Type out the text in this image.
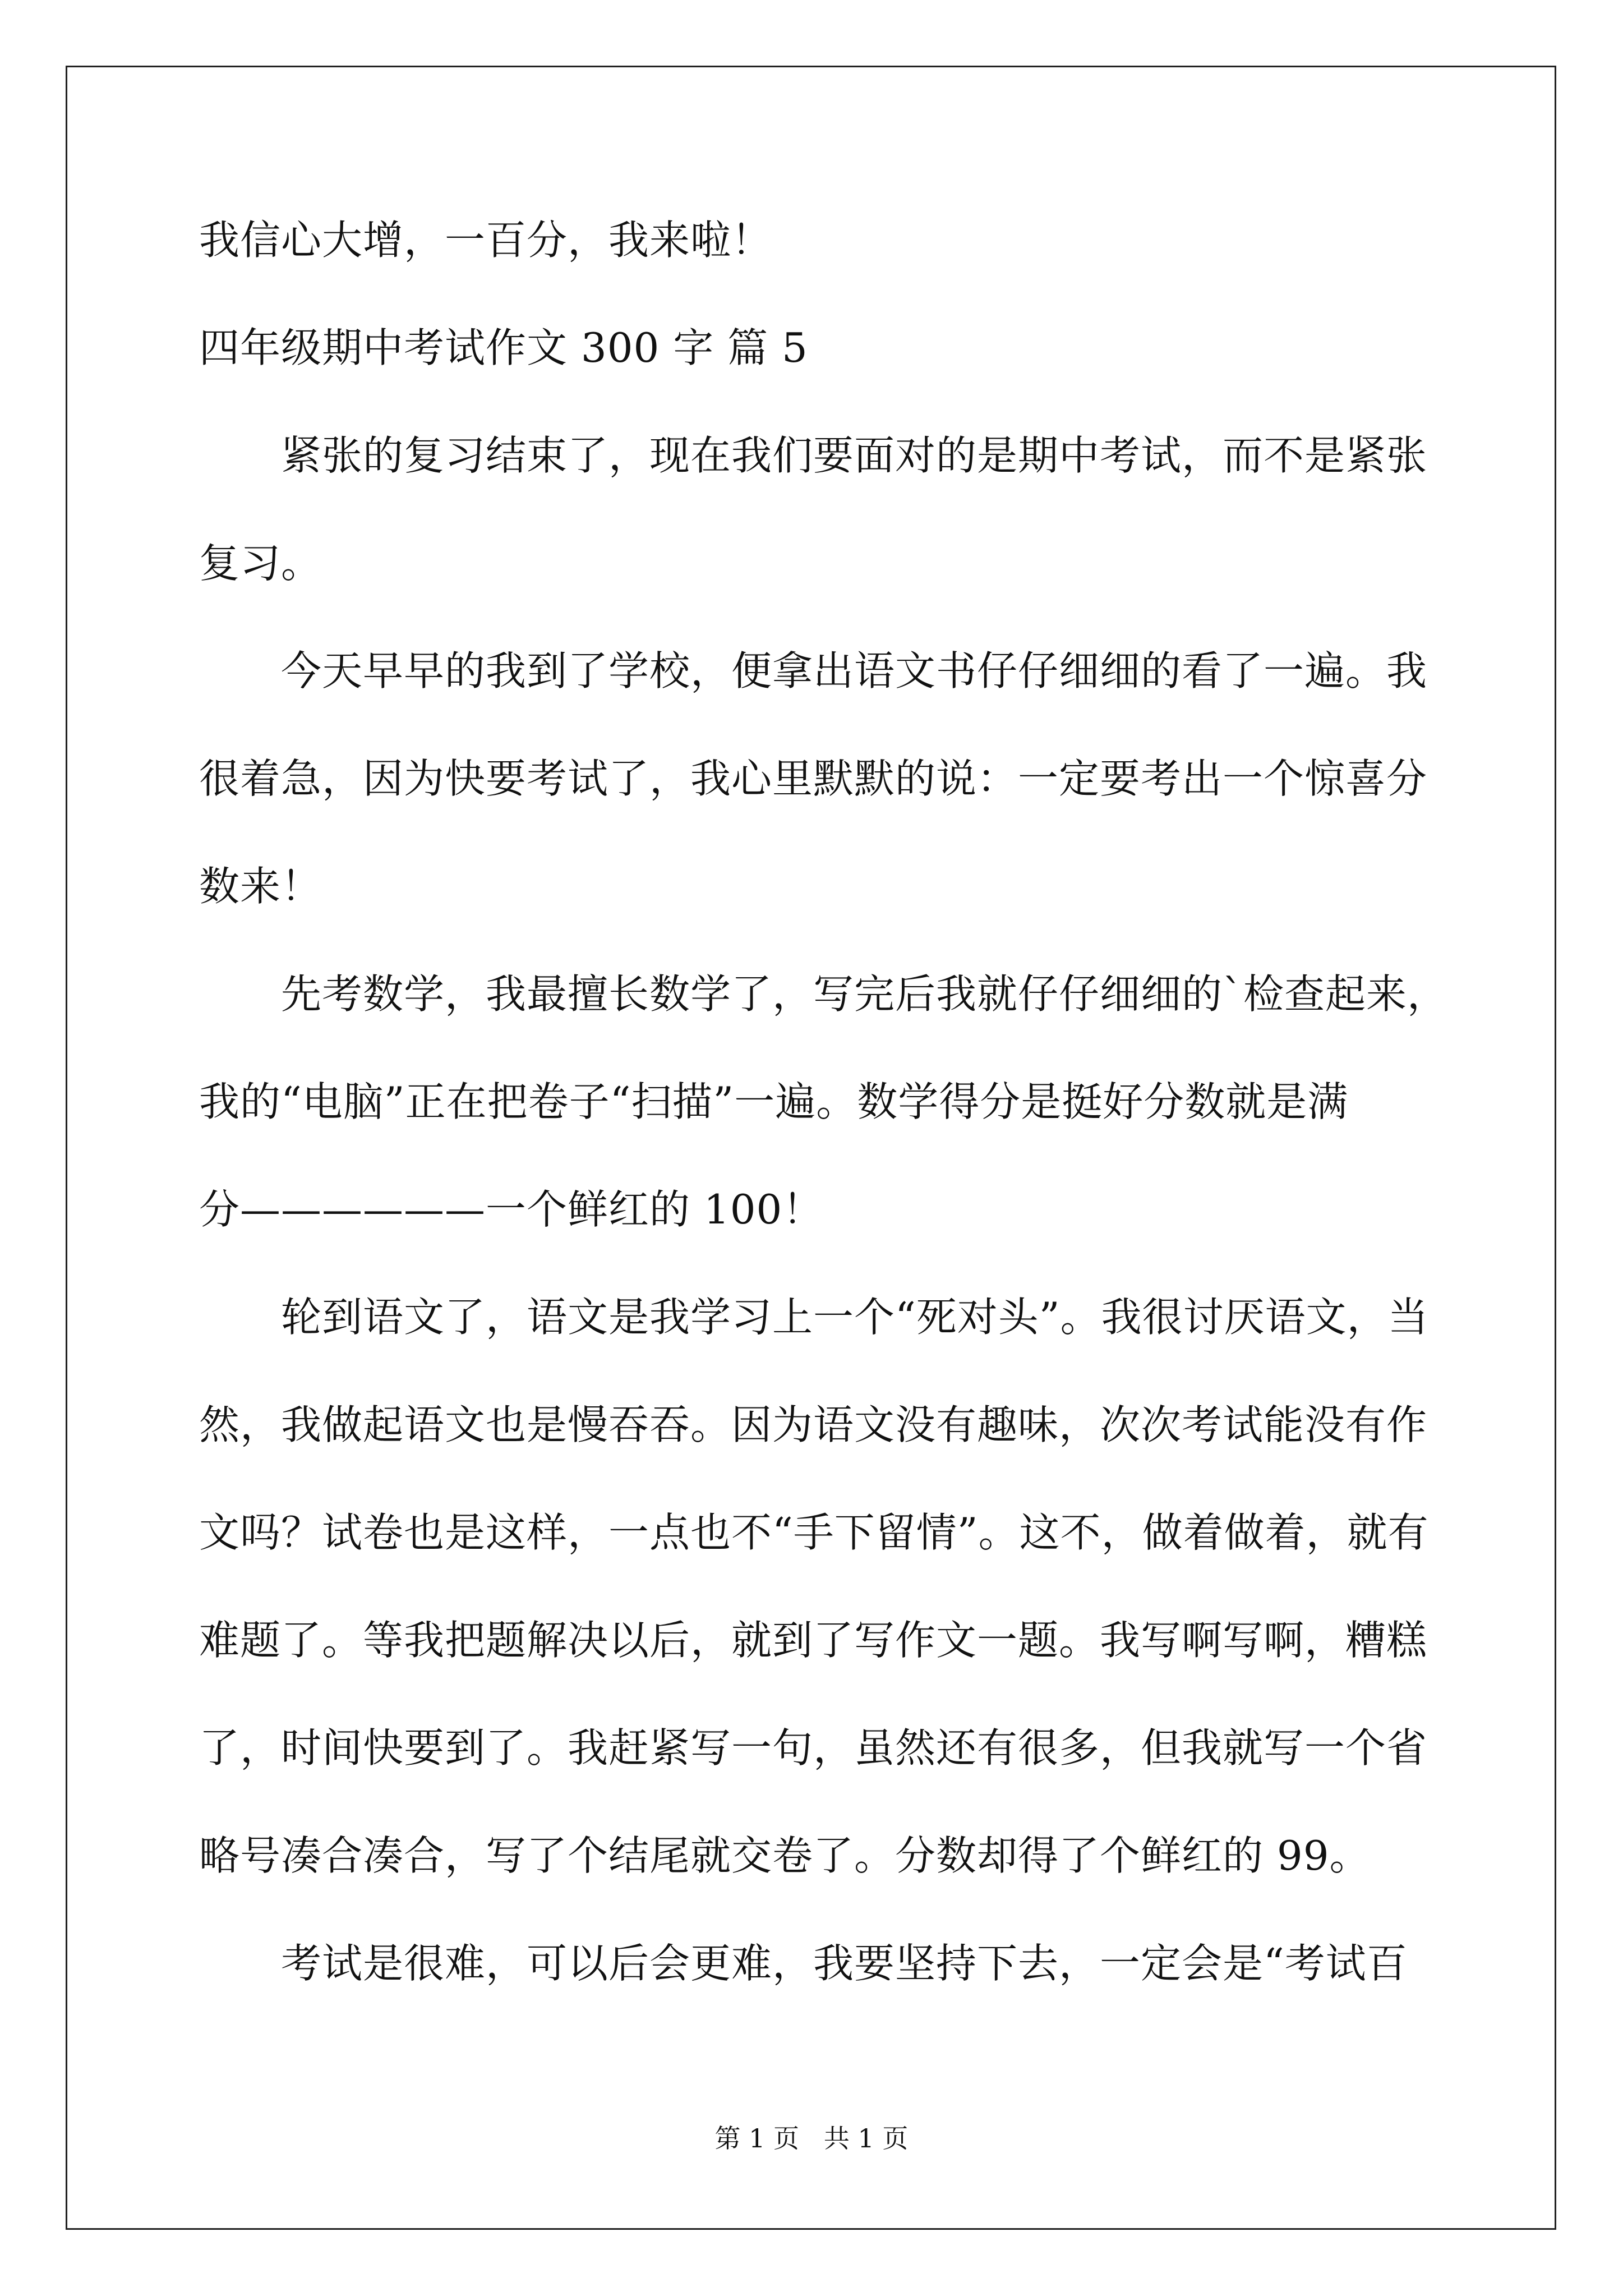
我信心大增，一百分，我来啦！
四年级期中考试作文 300 字 篇 5
紧张的复习结束了，现在我们要面对的是期中考试，而不是紧张
复习。
今天早早的我到了学校，便拿出语文书仔仔细细的看了一遍。我
很着急，因为快要考试了，我心里默默的说：一定要考出一个惊喜分
数来！
先考数学，我最擅长数学了，写完后我就仔仔细细的`检查起来，
我的“电脑”正在把卷子“扫描”一遍。数学得分是挺好分数就是满
分——————一个鲜红的 100！
轮到语文了，语文是我学习上一个“死对头”。我很讨厌语文，当
然，我做起语文也是慢吞吞。因为语文没有趣味，次次考试能没有作
文吗？试卷也是这样，一点也不“手下留情”。这不，做着做着，就有
难题了。等我把题解决以后，就到了写作文一题。我写啊写啊，糟糕
了，时间快要到了。我赶紧写一句，虽然还有很多，但我就写一个省
略号凑合凑合，写了个结尾就交卷了。分数却得了个鲜红的 99。
考试是很难，可以后会更难，我要坚持下去，一定会是“考试百
第 1 页   共 1 页
